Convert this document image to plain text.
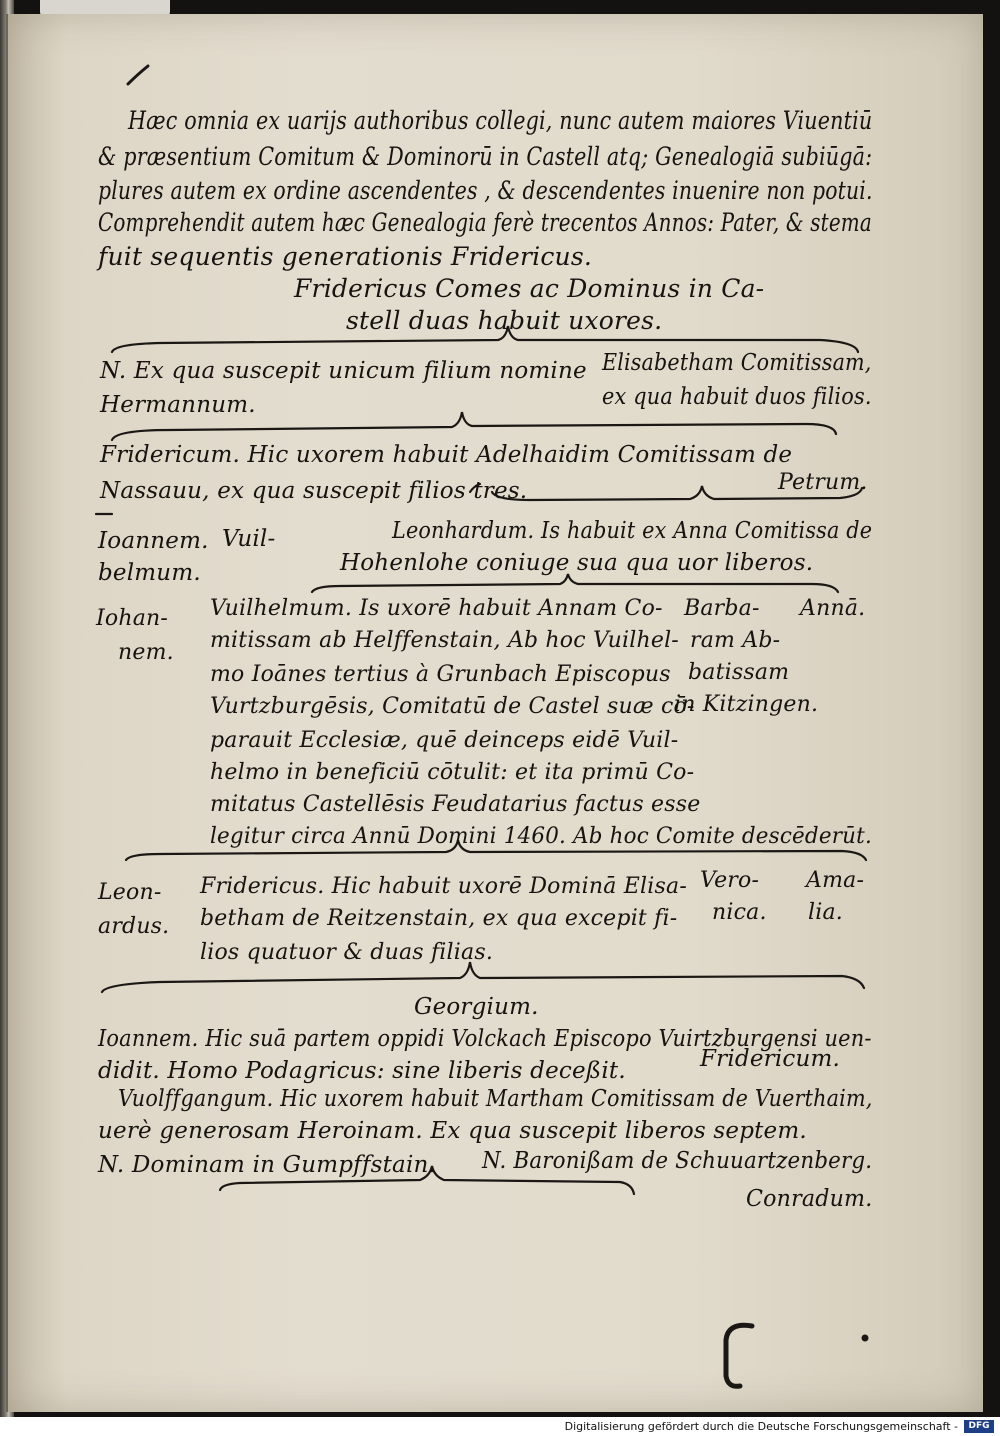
Hæc omnia ex uarijs authoribus collegi, nunc autem maiores Viuentiū
& præsentium Comitum & Dominorū in Castell atq; Genealogiā subiūgā:
plures autem ex ordine ascendentes , & descendentes inuenire non potui.
Comprehendit autem hæc Genealogia ferè trecentos Annos: Pater, & stema
fuit sequentis generationis Fridericus.
Fridericus Comes ac Dominus in Ca-
stell duas habuit uxores.
N. Ex qua suscepit unicum filium nomine
Hermannum.
Elisabetham Comitissam,
ex qua habuit duos filios.
Fridericum. Hic uxorem habuit Adelhaidim Comitissam de
Nassauu, ex qua suscepit filios tres.	Petrum.
Ioannem.
belmum.
Vuil-	Leonhardum. Is habuit ex Anna Comitissa de
Hohenlohe coniuge sua qua uor liberos.
Iohan-
nem.
Vuilhelmum. Is uxorē habuit Annam Co-
mitissam ab Helffenstain, Ab hoc Vuilhel-
mo Ioānes tertius à Grunbach Episcopus
Vurtzburgēsis, Comitatū de Castel suæ cō-
parauit Ecclesiæ, quē deinceps eidē Vuil-
helmo in beneficiū cōtulit: et ita primū Co-
mitatus Castellēsis Feudatarius factus esse
legitur circa Annū Domini 1460. Ab hoc Comite descēderūt.
Barba-
ram Ab-
batissam
in Kitzingen.
Annā.
Leon-
ardus.
Fridericus. Hic habuit uxorē Dominā Elisa-
betham de Reitzenstain, ex qua excepit fi-
lios quatuor & duas filias.
Vero-
nica.
Ama-
lia.
Georgium.
Ioannem. Hic suā partem oppidi Volckach Episcopo Vuirtzburgensi uen-
didit. Homo Podagricus: sine liberis deceßit.	Fridericum.
Vuolffgangum. Hic uxorem habuit Martham Comitissam de Vuerthaim,
uerè generosam Heroinam. Ex qua suscepit liberos septem.
N. Dominam in Gumpffstain. N. Baronißam de Schuuartzenberg.
Conradum.
Digitalisierung gefördert durch die Deutsche Forschungsgemeinschaft -	DFG
